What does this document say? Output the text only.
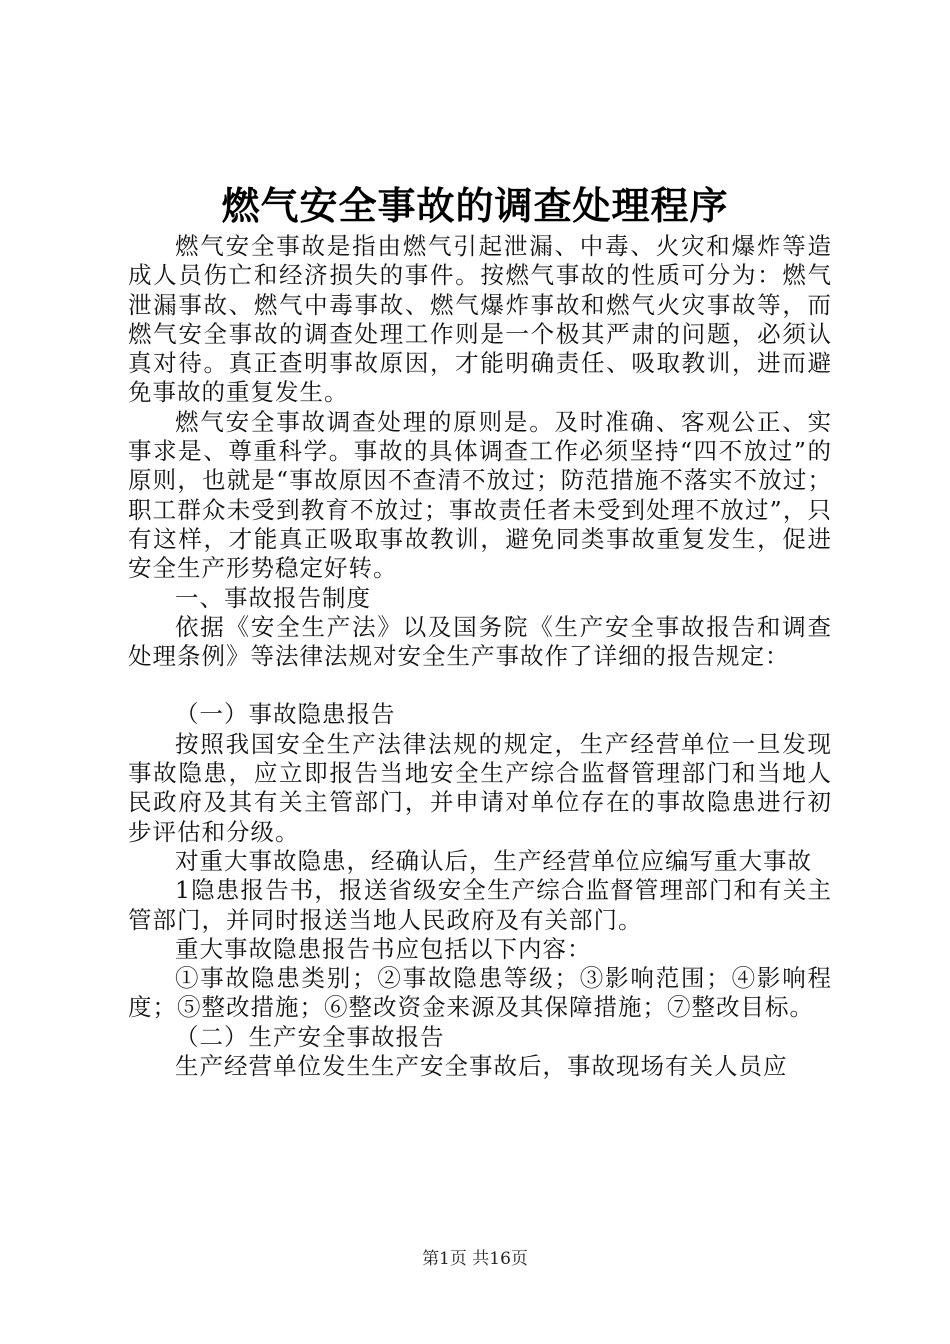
燃气安全事故的调查处理程序

燃气安全事故是指由燃气引起泄漏、中毒、火灾和爆炸等造成人员伤亡和经济损失的事件。按燃气事故的性质可分为：燃气泄漏事故、燃气中毒事故、燃气爆炸事故和燃气火灾事故等，而燃气安全事故的调查处理工作则是一个极其严肃的问题，必须认真对待。真正查明事故原因，才能明确责任、吸取教训，进而避免事故的重复发生。

燃气安全事故调查处理的原则是。及时准确、客观公正、实事求是、尊重科学。事故的具体调查工作必须坚持“四不放过”的原则，也就是“事故原因不查清不放过；防范措施不落实不放过；职工群众未受到教育不放过；事故责任者未受到处理不放过”，只有这样，才能真正吸取事故教训，避免同类事故重复发生，促进安全生产形势稳定好转。

一、事故报告制度

依据《安全生产法》以及国务院《生产安全事故报告和调查处理条例》等法律法规对安全生产事故作了详细的报告规定：

（一）事故隐患报告

按照我国安全生产法律法规的规定，生产经营单位一旦发现事故隐患，应立即报告当地安全生产综合监督管理部门和当地人民政府及其有关主管部门，并申请对单位存在的事故隐患进行初步评估和分级。

对重大事故隐患，经确认后，生产经营单位应编写重大事故

1隐患报告书，报送省级安全生产综合监督管理部门和有关主管部门，并同时报送当地人民政府及有关部门。

重大事故隐患报告书应包括以下内容：

①事故隐患类别；②事故隐患等级；③影响范围；④影响程度；⑤整改措施；⑥整改资金来源及其保障措施；⑦整改目标。

（二）生产安全事故报告

生产经营单位发生生产安全事故后，事故现场有关人员应

第1页 共16页
